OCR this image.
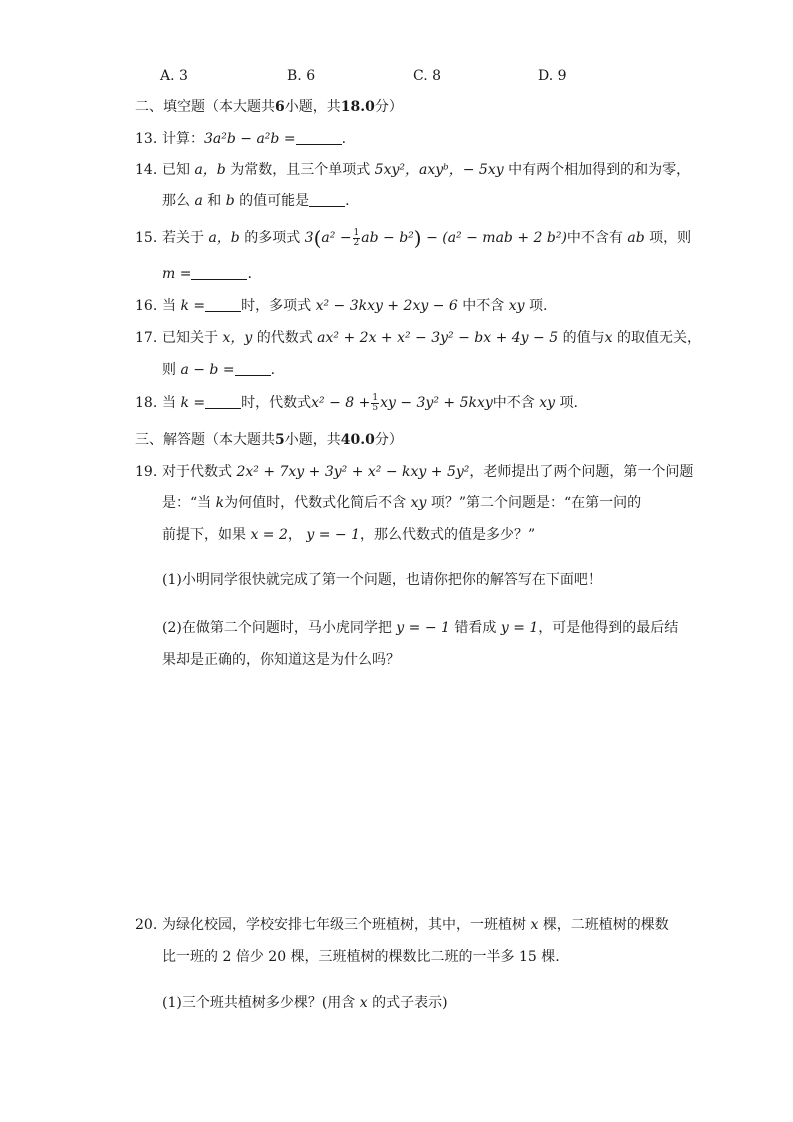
A. 3	B. 6	C. 8	D. 9
二、填空题（本大题共6小题，共18.0分）
13. 计算：3a²b − a²b =	.
14. 已知 a，b 为常数，且三个单项式 5xy²，axyᵇ，− 5xy 中有两个相加得到的和为零，
那么 a 和 b 的值可能是	.
15. 若关于 a，b 的多项式 $3(a^2 - \frac{1}{2}$ ab − b²) − (a² − mab + 2 b²)中不含有 ab 项，则
m =	.
16. 当 k =	时，多项式 x² − 3kxy + 2xy − 6 中不含 xy 项.
17. 已知关于 x，y 的代数式 ax² + 2x + x² − 3y² − bx + 4y − 5 的值与x 的取值无关，
则 a − b =	.
18. 当 k =	时，代数式$x^2 - 8 + \frac{1}{5}$ xy − 3y² + 5kxy中不含 xy 项.
三、解答题（本大题共5小题，共40.0分）
19. 对于代数式 2x² + 7xy + 3y² + x² − kxy + 5y²，老师提出了两个问题，第一个问题
是：“当 k为何值时，代数式化简后不含 xy 项？”第二个问题是：“在第一问的
前提下，如果 x = 2， y = − 1，那么代数式的值是多少？”
(1)小明同学很快就完成了第一个问题，也请你把你的解答写在下面吧！
(2)在做第二个问题时，马小虎同学把 y = − 1 错看成 y = 1，可是他得到的最后结
果却是正确的，你知道这是为什么吗？
20. 为绿化校园，学校安排七年级三个班植树，其中，一班植树 x 棵，二班植树的棵数
比一班的 2 倍少 20 棵，三班植树的棵数比二班的一半多 15 棵.
(1)三个班共植树多少棵？(用含 x 的式子表示)
